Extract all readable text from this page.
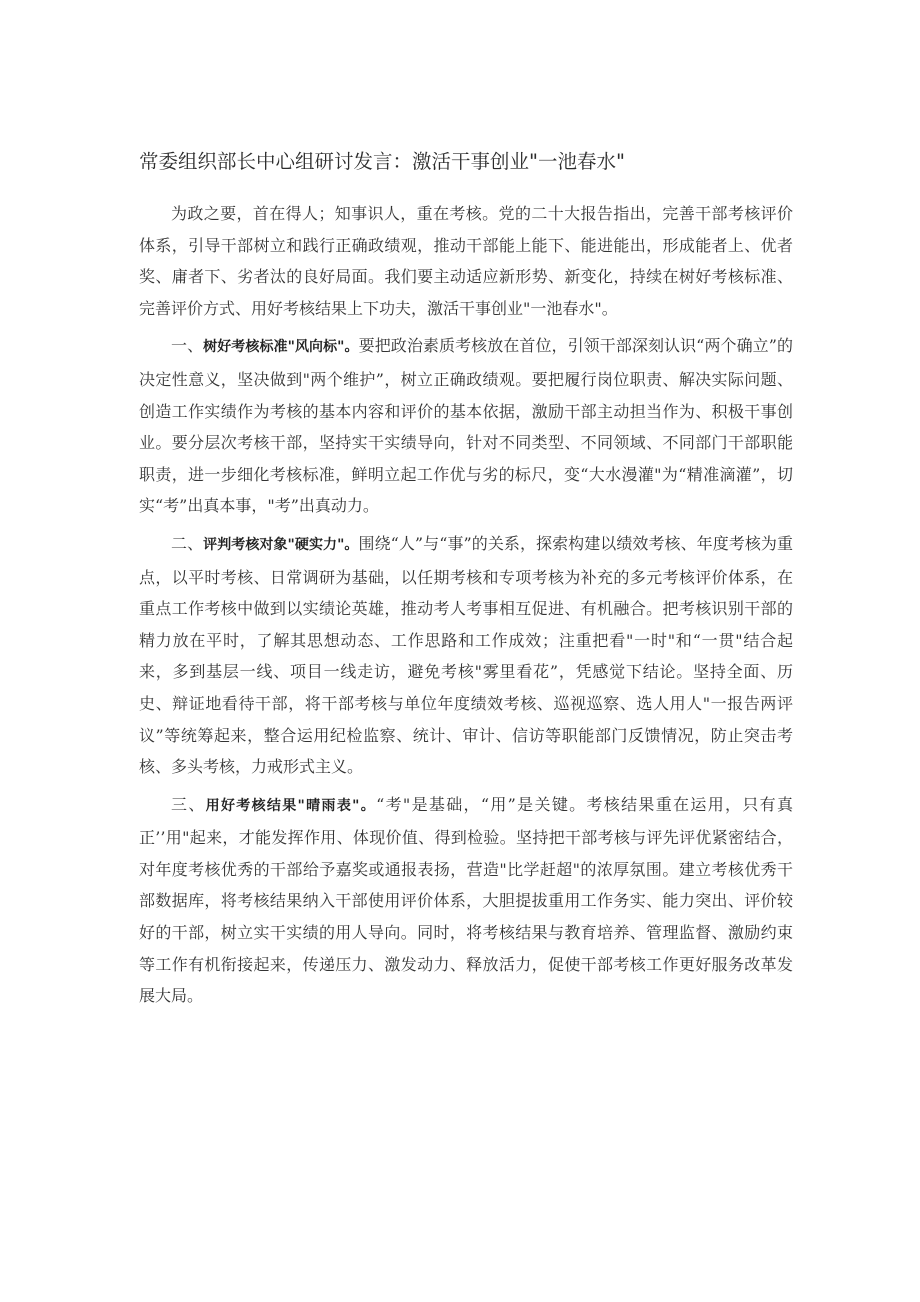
常委组织部长中心组研讨发言：激活干事创业"一池春水"

为政之要，首在得人；知事识人，重在考核。党的二十大报告指出，完善干部考核评价体系，引导干部树立和践行正确政绩观，推动干部能上能下、能进能出，形成能者上、优者奖、庸者下、劣者汰的良好局面。我们要主动适应新形势、新变化，持续在树好考核标准、完善评价方式、用好考核结果上下功夫，激活干事创业"一池春水"。

一、树好考核标准"风向标"。要把政治素质考核放在首位，引领干部深刻认识“两个确立”的决定性意义，坚决做到"两个维护”，树立正确政绩观。要把履行岗位职责、解决实际问题、创造工作实绩作为考核的基本内容和评价的基本依据，激励干部主动担当作为、积极干事创业。要分层次考核干部，坚持实干实绩导向，针对不同类型、不同领域、不同部门干部职能职责，进一步细化考核标准，鲜明立起工作优与劣的标尺，变“大水漫灌"为“精准滴灌”，切实“考”出真本事，"考”出真动力。

二、评判考核对象"硬实力"。围绕“人”与“事”的关系，探索构建以绩效考核、年度考核为重点，以平时考核、日常调研为基础，以任期考核和专项考核为补充的多元考核评价体系，在重点工作考核中做到以实绩论英雄，推动考人考事相互促进、有机融合。把考核识别干部的精力放在平时，了解其思想动态、工作思路和工作成效；注重把看"一时"和“一贯"结合起来，多到基层一线、项目一线走访，避免考核"雾里看花”，凭感觉下结论。坚持全面、历史、辩证地看待干部，将干部考核与单位年度绩效考核、巡视巡察、选人用人"一报告两评议”等统筹起来，整合运用纪检监察、统计、审计、信访等职能部门反馈情况，防止突击考核、多头考核，力戒形式主义。

三、用好考核结果"晴雨表"。“考"是基础，“用”是关键。考核结果重在运用，只有真正’’用"起来，才能发挥作用、体现价值、得到检验。坚持把干部考核与评先评优紧密结合，对年度考核优秀的干部给予嘉奖或通报表扬，营造"比学赶超"的浓厚氛围。建立考核优秀干部数据库，将考核结果纳入干部使用评价体系，大胆提拔重用工作务实、能力突出、评价较好的干部，树立实干实绩的用人导向。同时，将考核结果与教育培养、管理监督、激励约束等工作有机衔接起来，传递压力、激发动力、释放活力，促使干部考核工作更好服务改革发展大局。
